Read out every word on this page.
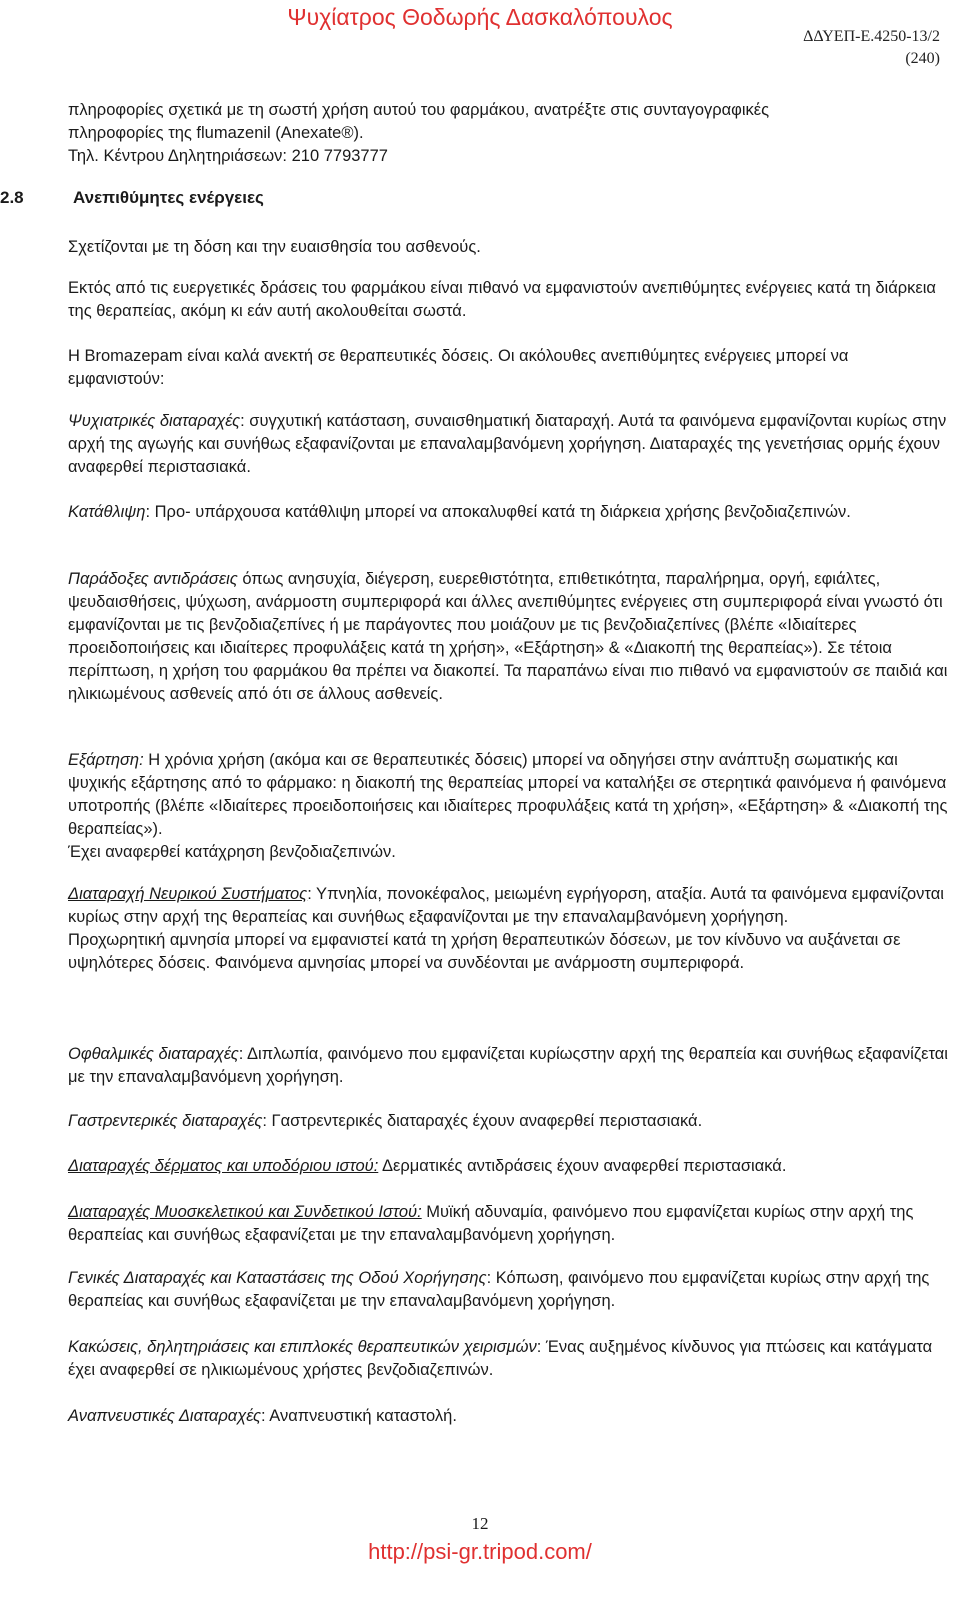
Ψυχίατρος Θοδωρής Δασκαλόπουλος
ΔΔΥΕΠ-Ε.4250-13/2
(240)
πληροφορίες σχετικά με τη σωστή χρήση αυτού του φαρμάκου, ανατρέξτε στις συνταγογραφικές
πληροφορίες της flumazenil (Anexate®).
Τηλ. Κέντρου Δηλητηριάσεων: 210 7793777
2.8	Ανεπιθύμητες ενέργειες

Σχετίζονται με τη δόση και την ευαισθησία του ασθενούς.

Εκτός από τις ευεργετικές δράσεις του φαρμάκου είναι πιθανό να εμφανιστούν ανεπιθύμητες ενέργειες κατά τη διάρκεια της θεραπείας, ακόμη κι εάν αυτή ακολουθείται σωστά.

Η Bromazepam είναι καλά ανεκτή σε θεραπευτικές δόσεις. Οι ακόλουθες ανεπιθύμητες ενέργειες μπορεί να εμφανιστούν:

Ψυχιατρικές διαταραχές: συγχυτική κατάσταση, συναισθηματική διαταραχή. Αυτά τα φαινόμενα εμφανίζονται κυρίως στην αρχή της αγωγής και συνήθως εξαφανίζονται με επαναλαμβανόμενη χορήγηση. Διαταραχές της γενετήσιας ορμής έχουν αναφερθεί περιστασιακά.

Κατάθλιψη: Προ- υπάρχουσα κατάθλιψη μπορεί να αποκαλυφθεί κατά τη διάρκεια χρήσης βενζοδιαζεπινών.

Παράδοξες αντιδράσεις όπως ανησυχία, διέγερση, ευερεθιστότητα, επιθετικότητα, παραλήρημα, οργή, εφιάλτες, ψευδαισθήσεις, ψύχωση, ανάρμοστη συμπεριφορά και άλλες ανεπιθύμητες ενέργειες στη συμπεριφορά είναι γνωστό ότι εμφανίζονται με τις βενζοδιαζεπίνες ή με παράγοντες που μοιάζουν με τις βενζοδιαζεπίνες (βλέπε «Ιδιαίτερες προειδοποιήσεις και ιδιαίτερες προφυλάξεις κατά τη χρήση», «Εξάρτηση» & «Διακοπή της θεραπείας»). Σε τέτοια περίπτωση, η χρήση του φαρμάκου θα πρέπει να διακοπεί. Τα παραπάνω είναι πιο πιθανό να εμφανιστούν σε παιδιά και ηλικιωμένους ασθενείς από ότι σε άλλους ασθενείς.

Εξάρτηση: Η χρόνια χρήση (ακόμα και σε θεραπευτικές δόσεις) μπορεί να οδηγήσει στην ανάπτυξη σωματικής και ψυχικής εξάρτησης από το φάρμακο: η διακοπή της θεραπείας μπορεί να καταλήξει σε στερητικά φαινόμενα ή φαινόμενα υποτροπής (βλέπε «Ιδιαίτερες προειδοποιήσεις και ιδιαίτερες προφυλάξεις κατά τη χρήση», «Εξάρτηση» & «Διακοπή της θεραπείας»).
Έχει αναφερθεί κατάχρηση βενζοδιαζεπινών.
Διαταραχή Νευρικού Συστήματος: Υπνηλία, πονοκέφαλος, μειωμένη εγρήγορση, αταξία. Αυτά τα φαινόμενα εμφανίζονται κυρίως στην αρχή της θεραπείας και συνήθως εξαφανίζονται με την επαναλαμβανόμενη χορήγηση.
Προχωρητική αμνησία μπορεί να εμφανιστεί κατά τη χρήση θεραπευτικών δόσεων, με τον κίνδυνο να αυξάνεται σε υψηλότερες δόσεις. Φαινόμενα αμνησίας μπορεί να συνδέονται με ανάρμοστη συμπεριφορά.

Οφθαλμικές διαταραχές: Διπλωπία, φαινόμενο που εμφανίζεται κυρίωςστην αρχή της θεραπεία και συνήθως εξαφανίζεται με την επαναλαμβανόμενη χορήγηση.

Γαστρεντερικές διαταραχές: Γαστρεντερικές διαταραχές έχουν αναφερθεί περιστασιακά.

Διαταραχές δέρματος και υποδόριου ιστού: Δερματικές αντιδράσεις έχουν αναφερθεί περιστασιακά.

Διαταραχές Μυοσκελετικού και Συνδετικού Ιστού: Μυϊκή αδυναμία, φαινόμενο που εμφανίζεται κυρίως στην αρχή της θεραπείας και συνήθως εξαφανίζεται με την επαναλαμβανόμενη χορήγηση.

Γενικές Διαταραχές και Καταστάσεις της Οδού Χορήγησης: Κόπωση, φαινόμενο που εμφανίζεται κυρίως στην αρχή της θεραπείας και συνήθως εξαφανίζεται με την επαναλαμβανόμενη χορήγηση.

Κακώσεις, δηλητηριάσεις και επιπλοκές θεραπευτικών χειρισμών: Ένας αυξημένος κίνδυνος για πτώσεις και κατάγματα έχει αναφερθεί σε ηλικιωμένους χρήστες βενζοδιαζεπινών.

Αναπνευστικές Διαταραχές: Αναπνευστική καταστολή.

12
http://psi-gr.tripod.com/
